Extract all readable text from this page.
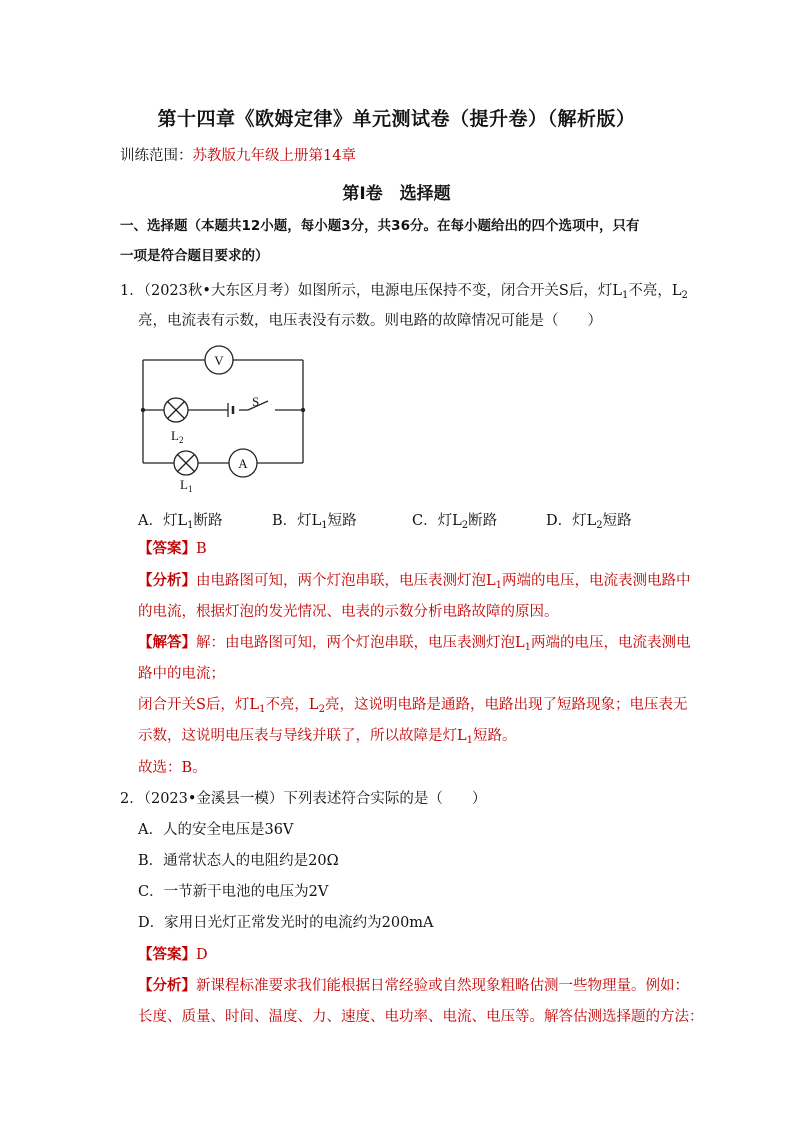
第十四章《欧姆定律》单元测试卷（提升卷）（解析版）
训练范围：苏教版九年级上册第14章
第Ⅰ卷　选择题
一、选择题（本题共12小题，每小题3分，共36分。在每小题给出的四个选项中，只有
一项是符合题目要求的）
1．（2023秋•大东区月考）如图所示，电源电压保持不变，闭合开关S后，灯$L_1$不亮，$L_2$
亮，电流表有示数，电压表没有示数。则电路的故障情况可能是（　　）
V
$L_2$
S
$L_1$
A
A．灯$L_1$断路	B．灯$L_1$短路	C．灯$L_2$断路	D．灯$L_2$短路
【答案】B
【分析】由电路图可知，两个灯泡串联，电压表测灯泡$L_1$两端的电压，电流表测电路中
的电流，根据灯泡的发光情况、电表的示数分析电路故障的原因。
【解答】解：由电路图可知，两个灯泡串联，电压表测灯泡$L_1$两端的电压，电流表测电
路中的电流；
闭合开关S后，灯$L_1$不亮，$L_2$亮，这说明电路是通路，电路出现了短路现象；电压表无
示数，这说明电压表与导线并联了，所以故障是灯$L_1$短路。
故选：B。
2．（2023•金溪县一模）下列表述符合实际的是（　　）
A．人的安全电压是36V
B．通常状态人的电阻约是20Ω
C．一节新干电池的电压为2V
D．家用日光灯正常发光时的电流约为200mA
【答案】D
【分析】新课程标准要求我们能根据日常经验或自然现象粗略估测一些物理量。例如：
长度、质量、时间、温度、力、速度、电功率、电流、电压等。解答估测选择题的方法：
